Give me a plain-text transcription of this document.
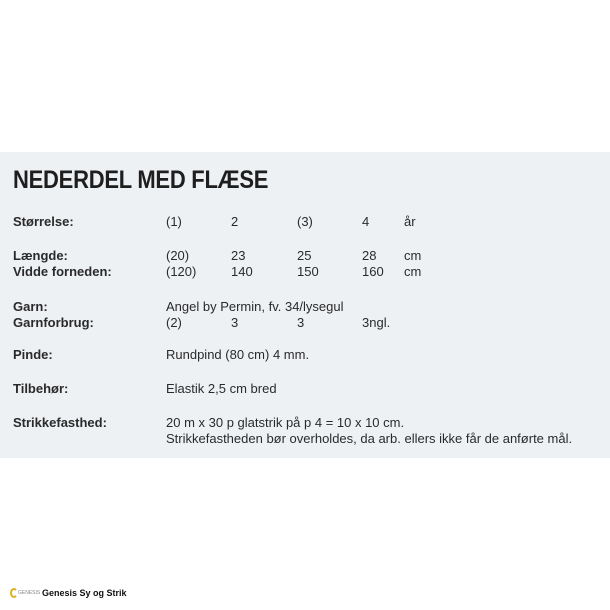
NEDERDEL MED FLÆSE
Størrelse:	(1)	2	(3)	4	år
Længde:	(20)	23	25	28 cm
Vidde forneden:	(120)	140	150	160 cm
Garn:	Angel by Permin, fv. 34/lysegul
Garnforbrug:	(2)	3	3	3ngl.
Pinde:	Rundpind (80 cm) 4 mm.
Tilbehør:	Elastik 2,5 cm bred
Strikkefasthed:	20 m x 30 p glatstrik på p 4 = 10 x 10 cm.
Strikkefastheden bør overholdes, da arb. ellers ikke får de anførte mål.
GENESIS Genesis Sy og Strik
